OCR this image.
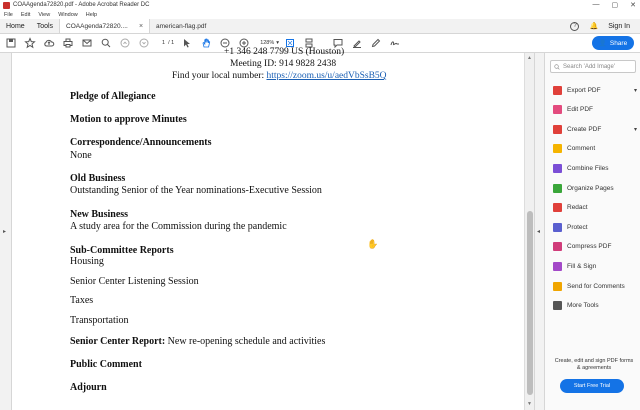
COAAgenda72820.pdf - Adobe Acrobat Reader DC	— ▢ ✕
File Edit View Window Help
Home	Tools	COAAgenda72820.... × american-flag.pdf	?	🔔 Sign In
1 / 1	128% ▾	👤 Share
▸
+1 346 248 7799 US (Houston)
Meeting ID: 914 9828 2438
Find your local number: https://zoom.us/u/aedVbSsB5Q
Pledge of Allegiance
Motion to approve Minutes
Correspondence/Announcements
None
Old Business
Outstanding Senior of the Year nominations-Executive Session
New Business
A study area for the Commission during the pandemic
Sub-Committee Reports
Housing
Senior Center Listening Session
Taxes
Transportation
Senior Center Report: New re-opening schedule and activities
Public Comment
Adjourn
✋
▲
▼
◂
Search 'Add Image'
Create, edit and sign PDF forms & agreements
Start Free Trial
Export PDF	▾
Edit PDF
Create PDF	▾
Comment
Combine Files
Organize Pages
Redact
Protect
Compress PDF
Fill & Sign
Send for Comments
More Tools
